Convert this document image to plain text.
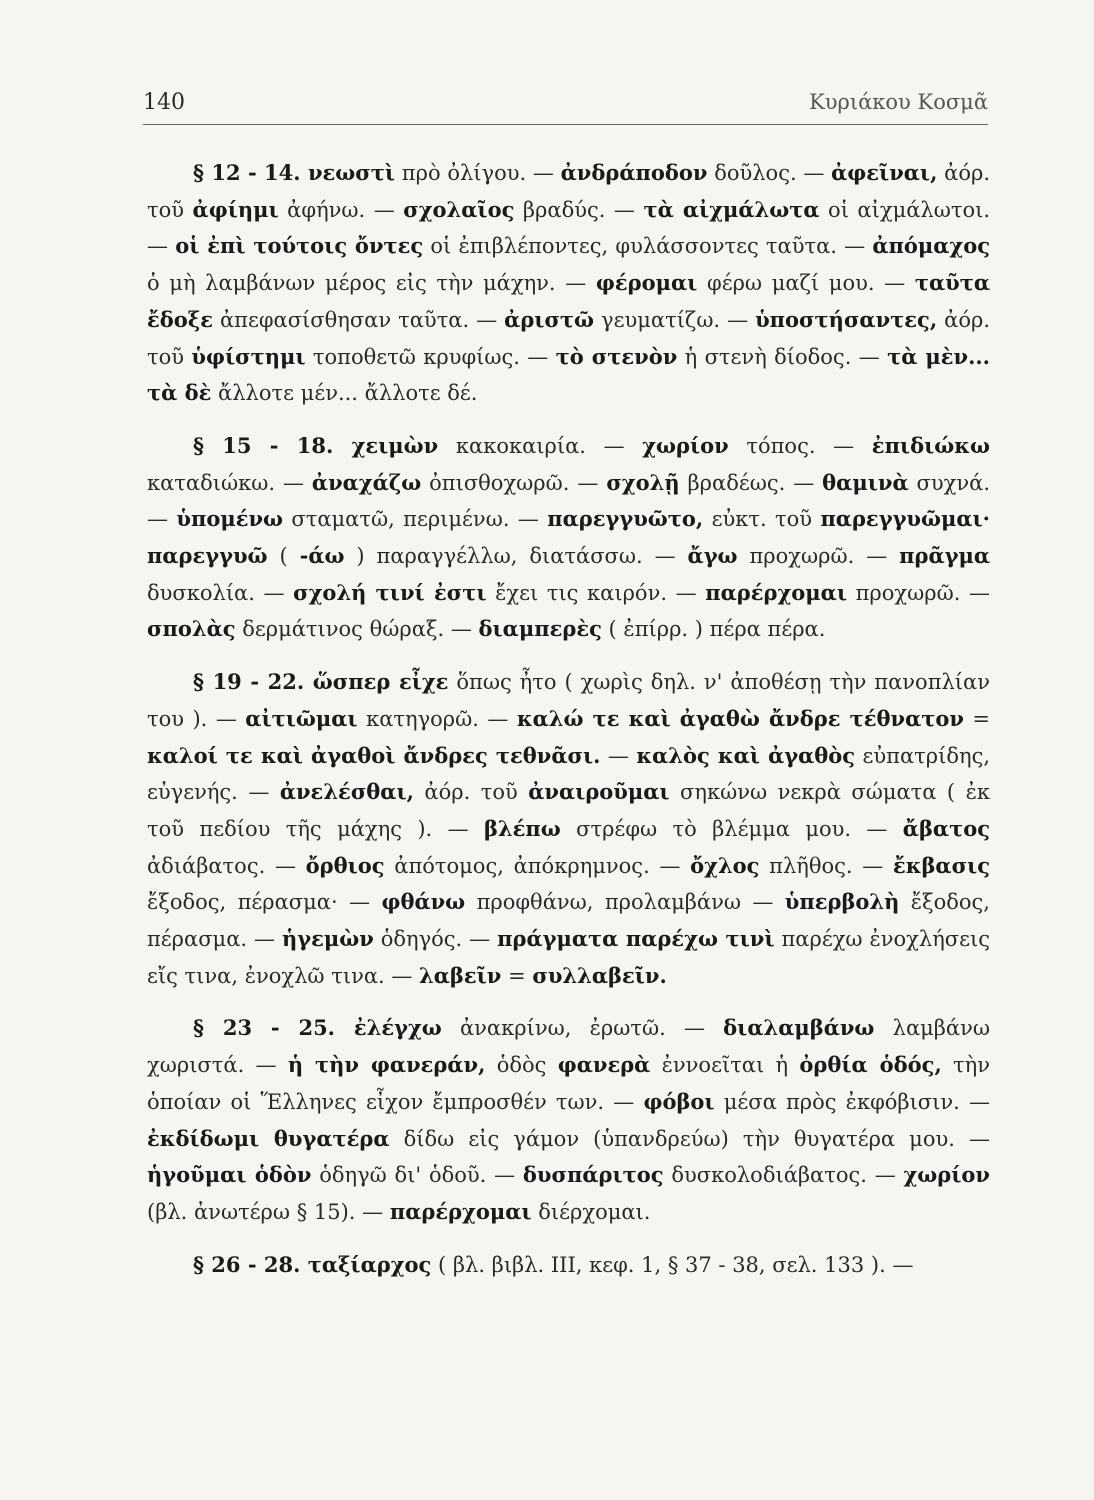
140	Κυριάκου Κοσμᾶ

§ 12 - 14. νεωστὶ πρὸ ὀλίγου. — ἀνδράποδον δοῦλος. — ἀφεῖναι, ἀόρ. τοῦ ἀφίημι ἀφήνω. — σχολαῖος βραδύς. — τὰ αἰχμάλωτα οἱ αἰχμάλωτοι. — οἱ ἐπὶ τούτοις ὄντες οἱ ἐπιβλέποντες, φυλάσσοντες ταῦτα. — ἀπόμαχος ὁ μὴ λαμβάνων μέρος εἰς τὴν μάχην. — φέρομαι φέρω μαζί μου. — ταῦτα ἔδοξε ἀπεφασίσθησαν ταῦτα. — ἀριστῶ γευματίζω. — ὑποστήσαντες, ἀόρ. τοῦ ὑφίστημι τοποθετῶ κρυφίως. — τὸ στενὸν ἡ στενὴ δίοδος. — τὰ μὲν... τὰ δὲ ἄλλοτε μέν... ἄλλοτε δέ.

§ 15 - 18. χειμὼν κακοκαιρία. — χωρίον τόπος. — ἐπιδιώκω καταδιώκω. — ἀναχάζω ὀπισθοχωρῶ. — σχολῇ βραδέως. — θαμινὰ συχνά. — ὑπομένω σταματῶ, περιμένω. — παρεγγυῶτο, εὐκτ. τοῦ παρεγγυῶμαι· παρεγγυῶ ( -άω ) παραγγέλλω, διατάσσω. — ἄγω προχωρῶ. — πρᾶγμα δυσκολία. — σχολή τινί ἐστι ἔχει τις καιρόν. — παρέρχομαι προχωρῶ. — σπολὰς δερμάτινος θώραξ. — διαμπερὲς ( ἐπίρρ. ) πέρα πέρα.

§ 19 - 22. ὥσπερ εἶχε ὅπως ἦτο ( χωρὶς δηλ. ν' ἀποθέσῃ τὴν πανοπλίαν του ). — αἰτιῶμαι κατηγορῶ. — καλώ τε καὶ ἀγαθὼ ἄνδρε τέθνατον = καλοί τε καὶ ἀγαθοὶ ἄνδρες τεθνᾶσι. — καλὸς καὶ ἀγαθὸς εὐπατρίδης, εὐγενής. — ἀνελέσθαι, ἀόρ. τοῦ ἀναιροῦμαι σηκώνω νεκρὰ σώματα ( ἐκ τοῦ πεδίου τῆς μάχης ). — βλέπω στρέφω τὸ βλέμμα μου. — ἄβατος ἀδιάβατος. — ὄρθιος ἀπότομος, ἀπόκρημνος. — ὄχλος πλῆθος. — ἔκβασις ἔξοδος, πέρασμα· — φθάνω προφθάνω, προλαμβάνω — ὑπερβολὴ ἔξοδος, πέρασμα. — ἡγεμὼν ὁδηγός. — πράγματα παρέχω τινὶ παρέχω ἐνοχλήσεις εἴς τινα, ἐνοχλῶ τινα. — λαβεῖν = συλλαβεῖν.

§ 23 - 25. ἐλέγχω ἀνακρίνω, ἐρωτῶ. — διαλαμβάνω λαμβάνω χωριστά. — ἡ τὴν φανεράν, ὁδὸς φανερὰ ἐννοεῖται ἡ ὀρθία ὁδός, τὴν ὁποίαν οἱ Ἕλληνες εἶχον ἔμπροσθέν των. — φόβοι μέσα πρὸς ἐκφόβισιν. — ἐκδίδωμι θυγατέρα δίδω εἰς γάμον (ὑπανδρεύω) τὴν θυγατέρα μου. — ἡγοῦμαι ὁδὸν ὁδηγῶ δι' ὁδοῦ. — δυσπάριτος δυσκολοδιάβατος. — χωρίον (βλ. ἀνωτέρω § 15). — παρέρχομαι διέρχομαι.

§ 26 - 28. ταξίαρχος ( βλ. βιβλ. III, κεφ. 1, § 37 - 38, σελ. 133 ). —
